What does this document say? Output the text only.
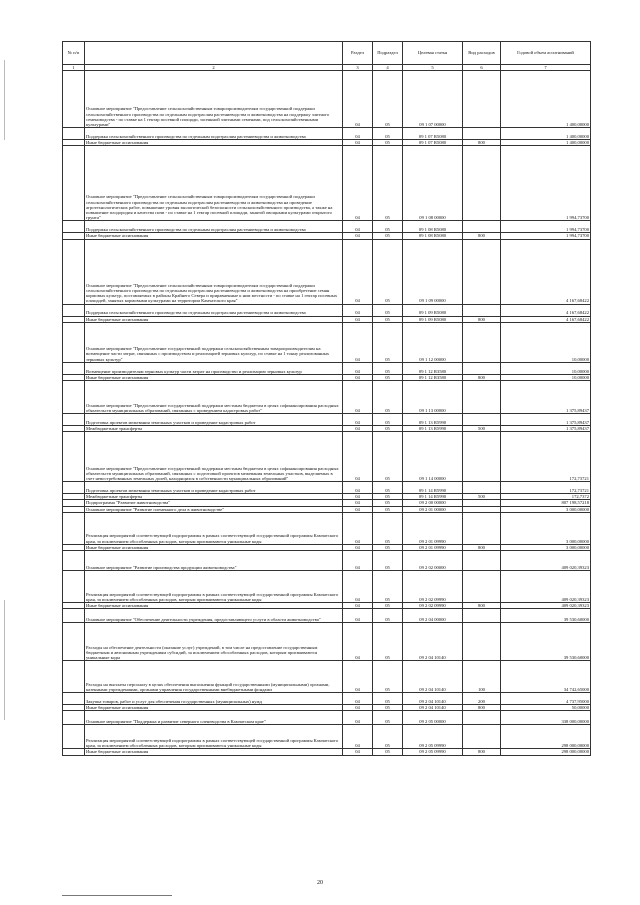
№ п/п		Раздел	Подраздел	Целевая статья	Вид расходов	Годовой объем ассигнований
1	2	3	4	5	6	7
	Основное мероприятие "Предоставление сельскохозяйственным товаропроизводителям государственной поддержки сельскохозяйственного производства по отдельным подотраслям растениеводства и животноводства на поддержку элитного семеноводства - по ставке на 1 гектар посевной площади, засеянной элитными семенами, под сельскохозяйственными культурами"	04	05	09 1 07 00000		1 400,00000
	Поддержка сельскохозяйственного производства по отдельным подотраслям растениеводства и животноводства	04	05	09 1 07 R5080		1 400,00000
	Иные бюджетные ассигнования	04	05	09 1 07 R5080	800	1 400,00000
	Основное мероприятие "Предоставление сельскохозяйственным товаропроизводителям государственной поддержки сельскохозяйственного производства по отдельным подотраслям растениеводства и животноводства на проведение агротехнологических работ, повышение уровня экологической безопасности сельскохозяйственного производства, а также на повышение плодородия и качества почв - по ставке на 1 гектар посевной площади, занятой овощными культурами открытого грунта"	04	05	09 1 08 00000		1 994,73700
	Поддержка сельскохозяйственного производства по отдельным подотраслям растениеводства и животноводства	04	05	09 1 08 R5080		1 994,73700
	Иные бюджетные ассигнования	04	05	09 1 08 R5080	800	1 994,73700
	Основное мероприятие "Предоставление сельскохозяйственным товаропроизводителям государственной поддержки сельскохозяйственного производства по отдельным подотраслям растениеводства и животноводства на приобретение семян кормовых культур, поставляемых в районы Крайнего Севера и приравненные к ним местности - по ставке на 1 гектар посевных площадей, занятых кормовыми культурами на территории Камчатского края"	04	05	09 1 09 00000		4 167,68422
	Поддержка сельскохозяйственного производства по отдельным подотраслям растениеводства и животноводства	04	05	09 1 09 R5080		4 167,68422
	Иные бюджетные ассигнования	04	05	09 1 09 R5080	800	4 167,68422
	Основное мероприятие "Предоставление государственной поддержки сельскохозяйственным товаропроизводителям на возмещение части затрат, связанных с производством и реализацией зерновых культур, по ставке на 1 тонну реализованных зерновых культур"	04	05	09 1 12 00000		10,00000
	Возмещение производителям зерновых культур части затрат на производство и реализацию зерновых культур	04	05	09 1 12 R3580		10,00000
	Иные бюджетные ассигнования	04	05	09 1 12 R3580	800	10,00000
	Основное мероприятие "Предоставление государственной поддержки местным бюджетам в целях софинансирования расходных обязательств муниципальных образований, связанных с проведением кадастровых работ"	04	05	09 1 13 00000		1 375,89437
	Подготовка проектов межевания земельных участков и проведение кадастровых работ	04	05	09 1 13 R5990		1 375,89437
	Межбюджетные трансферты	04	05	09 1 13 R5990	500	1 375,89437
	Основное мероприятие "Предоставление государственной поддержки местным бюджетам в целях софинансирования расходных обязательств муниципальных образований, связанных с подготовкой проектов межевания земельных участков, выделяемых в счет невостребованных земельных долей, находящихся в собственности муниципальных образований"	04	05	09 1 14 00000		172,73721
	Подготовка проектов межевания земельных участков и проведение кадастровых работ	04	05	09 1 14 R5990		172,73721
	Межбюджетные трансферты	04	05	09 1 14 R5990	500	172,7372
	Подпрограмма "Развитие животноводства"	04	05	09 2 00 00000		807 198,57218
	Основное мероприятие "Развитие племенного дела в животноводстве"	04	05	09 2 01 00000		3 000,00000
	Реализация мероприятий соответствующей подпрограммы в рамках соответствующей государственной программы Камчатского края, за исключением обособленных расходов, которым присваиваются уникальные коды	04	05	09 2 01 09990		3 000,00000
	Иные бюджетные ассигнования	04	05	09 2 01 09990	800	3 000,00000
	Основное мероприятие "Развитие производства продукции животноводства"	04	05	09 2 02 00000		409 020,39323
	Реализация мероприятий соответствующей подпрограммы в рамках соответствующей государственной программы Камчатского края, за исключением обособленных расходов, которым присваиваются уникальные коды	04	05	09 2 02 09990		409 020,39323
	Иные бюджетные ассигнования	04	05	09 2 02 09990	800	409 020,39323
	Основное мероприятие "Обеспечение деятельности учреждения, предоставляющего услуги в области животноводства"	04	05	09 2 04 00000		39 530,60000
	Расходы на обеспечение деятельности (оказание услуг) учреждений, в том числе на предоставление государственным бюджетным и автономным учреждениям субсидий, за исключением обособленных расходов, которым присваиваются уникальные коды	04	05	09 2 04 10140		39 530,60000
	Расходы на выплаты персоналу в целях обеспечения выполнения функций государственными (муниципальными) органами, казенными учреждениями, органами управления государственными внебюджетными фондами	04	05	09 2 04 10140	100	34 742,65000
	Закупка товаров, работ и услуг для обеспечения государственных (муниципальных) нужд	04	05	09 2 04 10140	200	4 737,95000
	Иные бюджетные ассигнования	04	05	09 2 04 10140	800	50,00000
	Основное мероприятие "Поддержка и развитие северного оленеводства в Камчатском крае"	04	05	09 2 05 00000		338 000,00000
	Реализация мероприятий соответствующей подпрограммы в рамках соответствующей государственной программы Камчатского края, за исключением обособленных расходов, которым присваиваются уникальные коды	04	05	09 2 05 09990		298 000,00000
	Иные бюджетные ассигнования	04	05	09 2 05 09990	800	298 000,00000
20
